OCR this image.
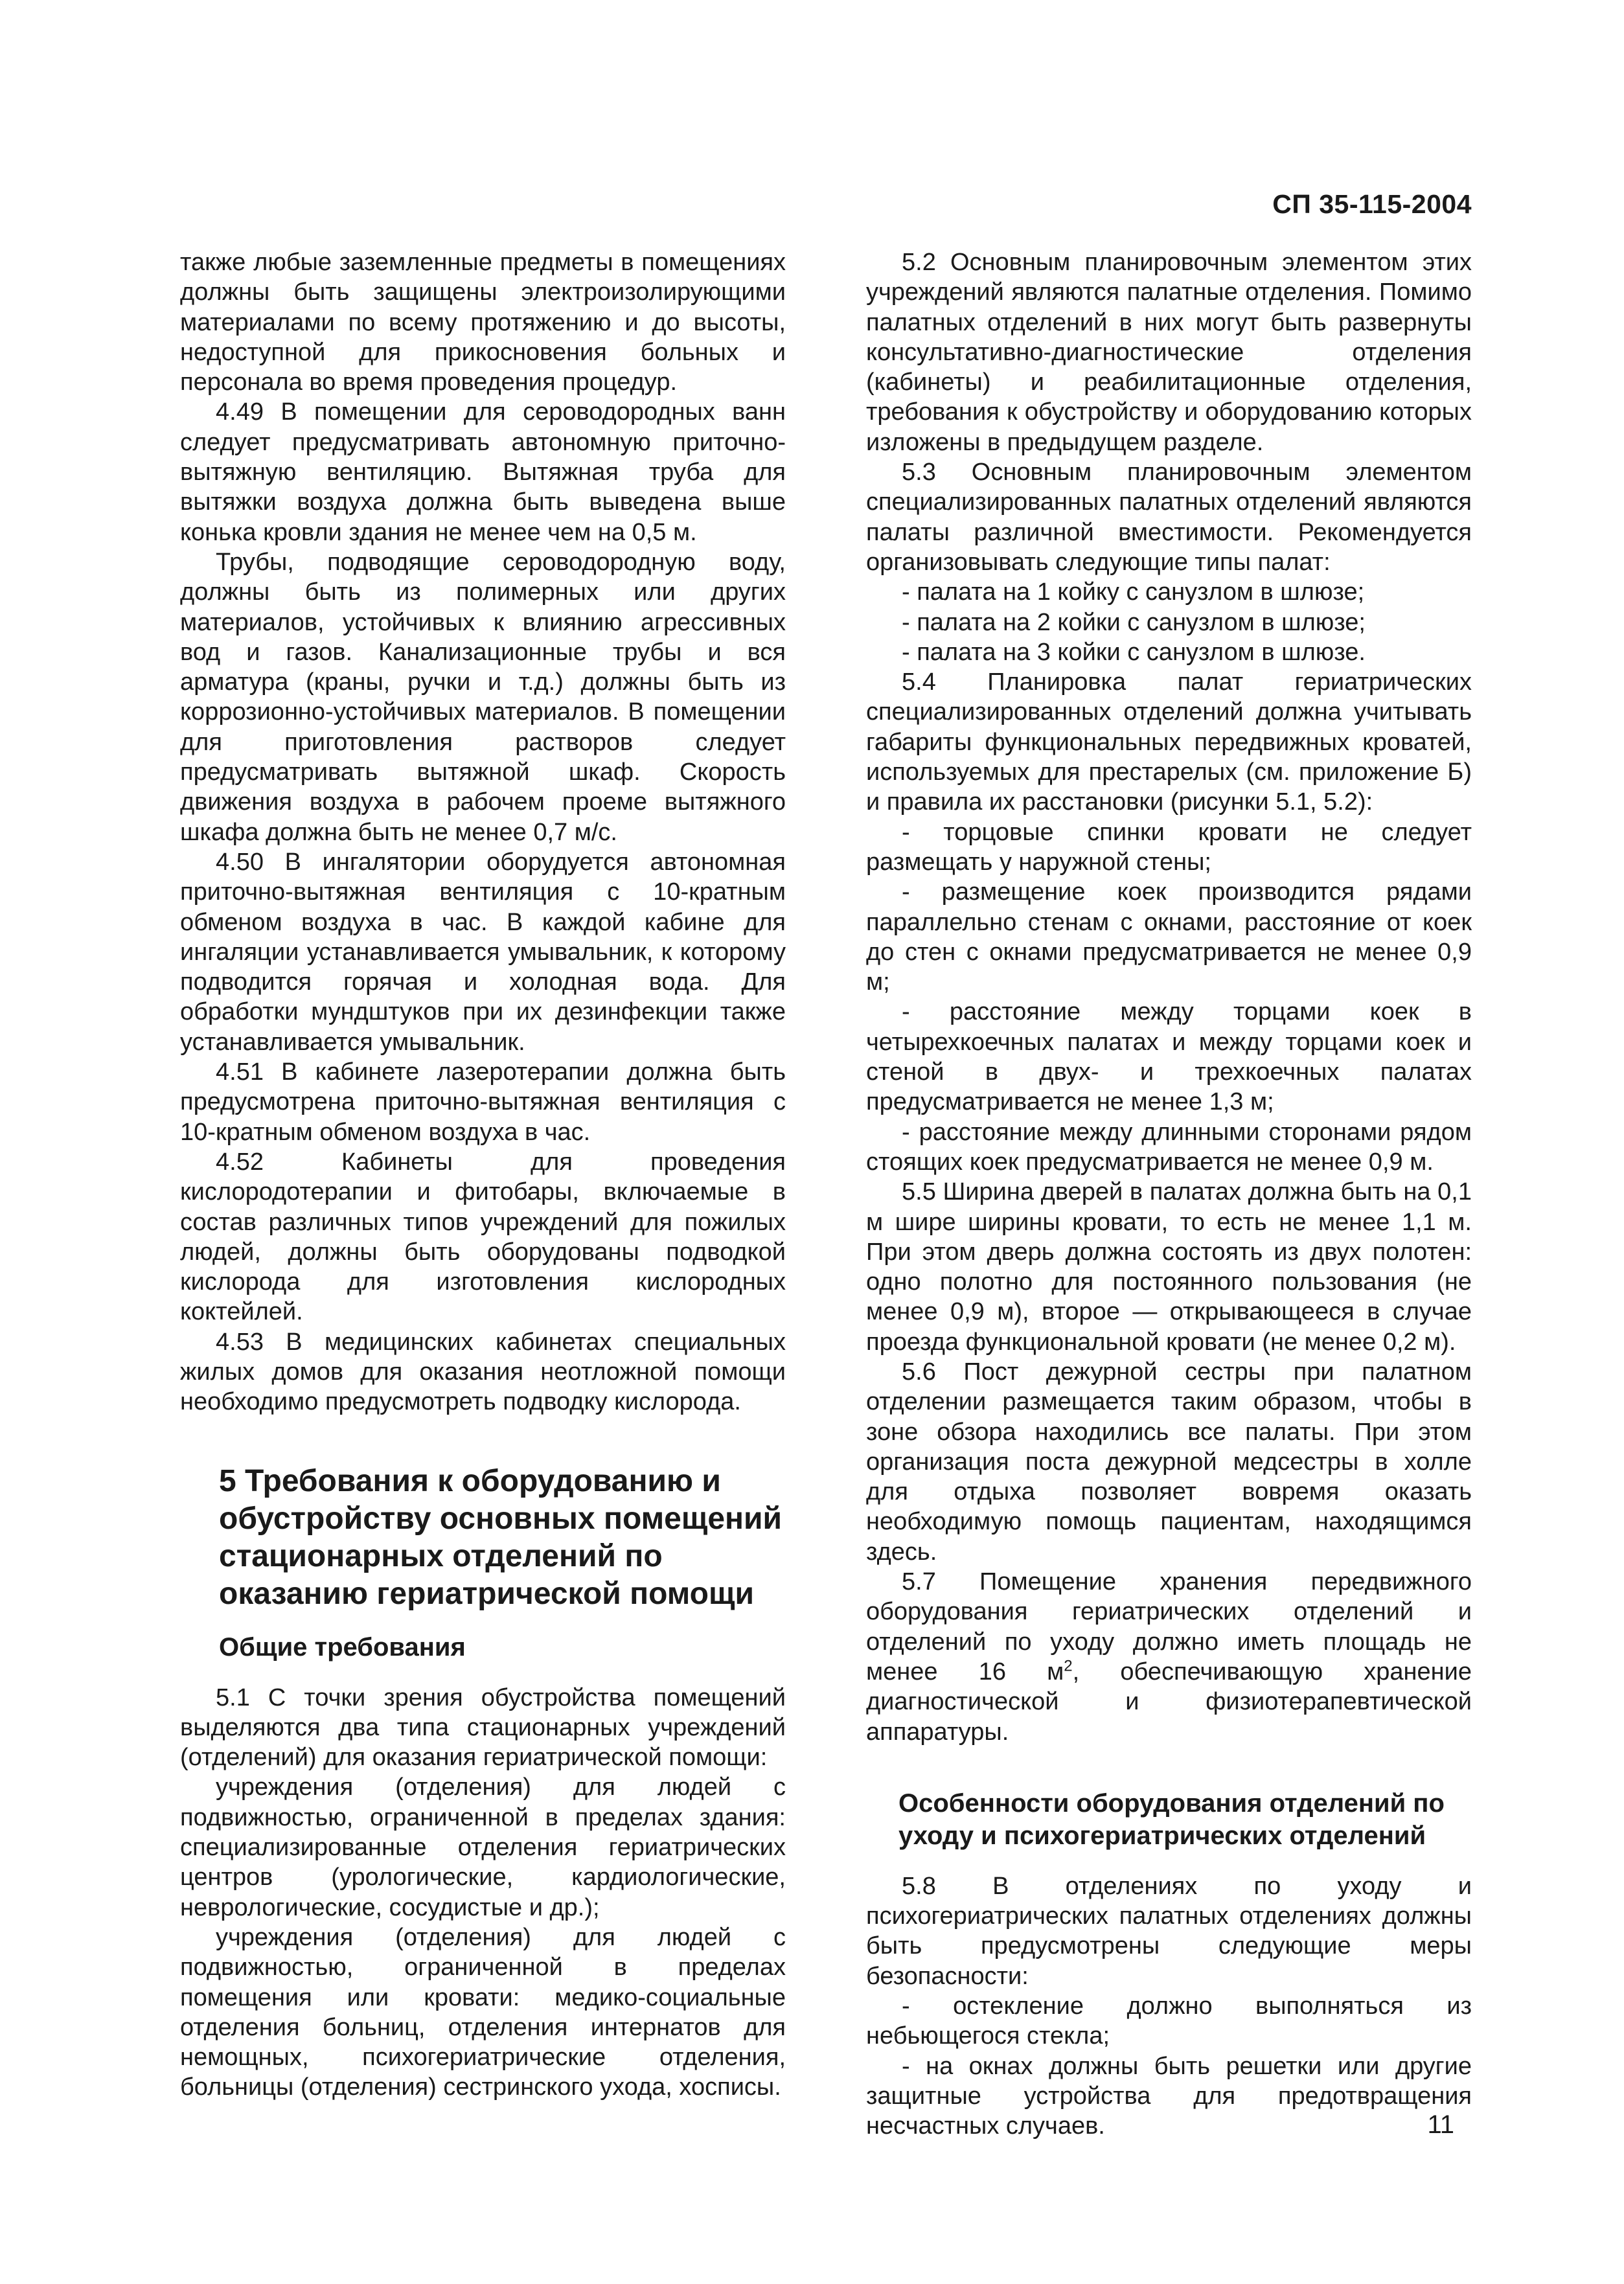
СП 35-115-2004

также любые заземленные предметы в помещениях должны быть защищены электроизолирующими материалами по всему протяжению и до высоты, недоступной для прикосновения больных и персонала во время проведения процедур.

4.49 В помещении для сероводородных ванн следует предусматривать автономную приточно-вытяжную вентиляцию. Вытяжная труба для вытяжки воздуха должна быть выведена выше конька кровли здания не менее чем на 0,5 м.

Трубы, подводящие сероводородную воду, должны быть из полимерных или других материалов, устойчивых к влиянию агрессивных вод и газов. Канализационные трубы и вся арматура (краны, ручки и т.д.) должны быть из коррозионно-устойчивых материалов. В помещении для приготовления растворов следует предусматривать вытяжной шкаф. Скорость движения воздуха в рабочем проеме вытяжного шкафа должна быть не менее 0,7 м/с.

4.50 В ингалятории оборудуется автономная приточно-вытяжная вентиляция с 10-кратным обменом воздуха в час. В каждой кабине для ингаляции устанавливается умывальник, к которому подводится горячая и холодная вода. Для обработки мундштуков при их дезинфекции также устанавливается умывальник.

4.51 В кабинете лазеротерапии должна быть предусмотрена приточно-вытяжная вентиляция с 10-кратным обменом воздуха в час.

4.52 Кабинеты для проведения кислородотерапии и фитобары, включаемые в состав различных типов учреждений для пожилых людей, должны быть оборудованы подводкой кислорода для изготовления кислородных коктейлей.

4.53 В медицинских кабинетах специальных жилых домов для оказания неотложной помощи необходимо предусмотреть подводку кислорода.

5 Требования к оборудованию и обустройству основных помещений стационарных отделений по оказанию гериатрической помощи
Общие требования

5.1 С точки зрения обустройства помещений выделяются два типа стационарных учреждений (отделений) для оказания гериатрической помощи:

учреждения (отделения) для людей с подвижностью, ограниченной в пределах здания: специализированные отделения гериатрических центров (урологические, кардиологические, неврологические, сосудистые и др.);

учреждения (отделения) для людей с подвижностью, ограниченной в пределах помещения или кровати: медико-социальные отделения больниц, отделения интернатов для немощных, психогериатрические отделения, больницы (отделения) сестринского ухода, хосписы.

5.2 Основным планировочным элементом этих учреждений являются палатные отделения. Помимо палатных отделений в них могут быть развернуты консультативно-диагностические отделения (кабинеты) и реабилитационные отделения, требования к обустройству и оборудованию которых изложены в предыдущем разделе.

5.3 Основным планировочным элементом специализированных палатных отделений являются палаты различной вместимости. Рекомендуется организовывать следующие типы палат:

- палата на 1 койку с санузлом в шлюзе;

- палата на 2 койки с санузлом в шлюзе;

- палата на 3 койки с санузлом в шлюзе.

5.4 Планировка палат гериатрических специализированных отделений должна учитывать габариты функциональных передвижных кроватей, используемых для престарелых (см. приложение Б) и правила их расстановки (рисунки 5.1, 5.2):

- торцовые спинки кровати не следует размещать у наружной стены;

- размещение коек производится рядами параллельно стенам с окнами, расстояние от коек до стен с окнами предусматривается не менее 0,9 м;

- расстояние между торцами коек в четырехкоечных палатах и между торцами коек и стеной в двух- и трехкоечных палатах предусматривается не менее 1,3 м;

- расстояние между длинными сторонами рядом стоящих коек предусматривается не менее 0,9 м.

5.5 Ширина дверей в палатах должна быть на 0,1 м шире ширины кровати, то есть не менее 1,1 м. При этом дверь должна состоять из двух полотен: одно полотно для постоянного пользования (не менее 0,9 м), второе — открывающееся в случае проезда функциональной кровати (не менее 0,2 м).

5.6 Пост дежурной сестры при палатном отделении размещается таким образом, чтобы в зоне обзора находились все палаты. При этом организация поста дежурной медсестры в холле для отдыха позволяет вовремя оказать необходимую помощь пациентам, находящимся здесь.

5.7 Помещение хранения передвижного оборудования гериатрических отделений и отделений по уходу должно иметь площадь не менее 16 $м^2$, обеспечивающую хранение диагностической и физиотерапевтической аппаратуры.

Особенности оборудования отделений по уходу и психогериатрических отделений

5.8 В отделениях по уходу и психогериатрических палатных отделениях должны быть предусмотрены следующие меры безопасности:

- остекление должно выполняться из небьющегося стекла;

- на окнах должны быть решетки или другие защитные устройства для предотвращения несчастных случаев.	11
